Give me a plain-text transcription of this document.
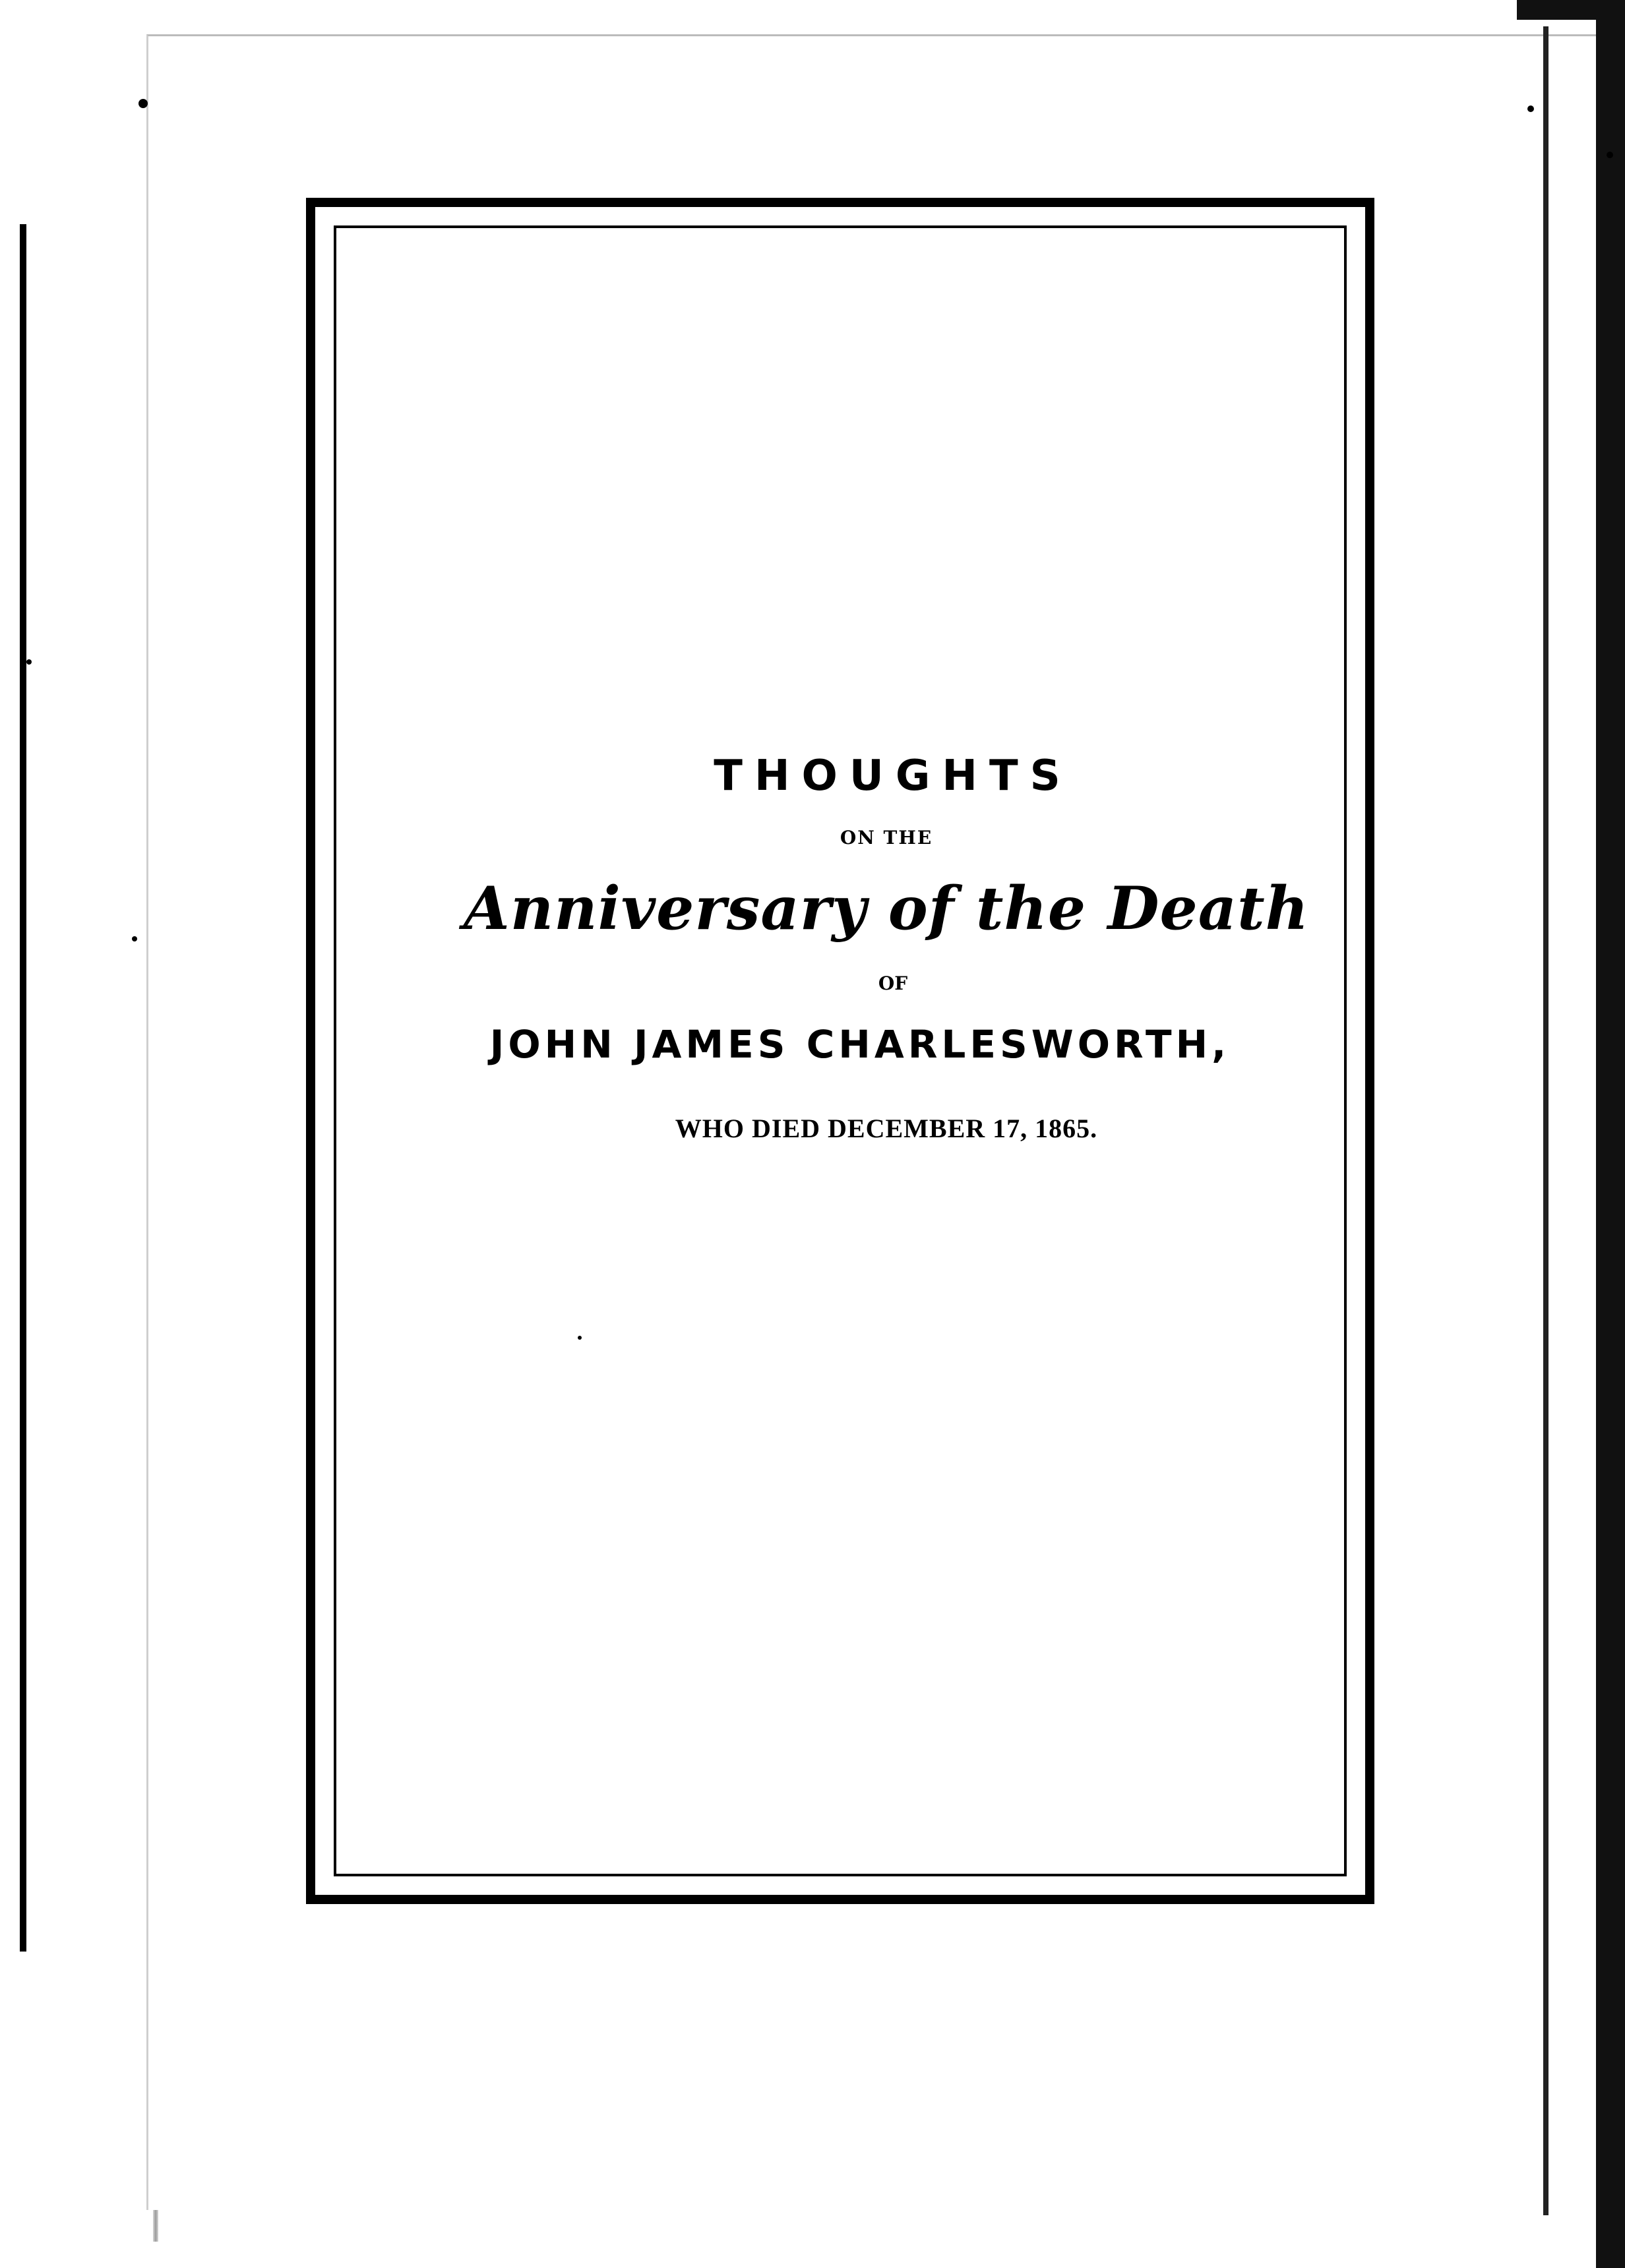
THOUGHTS
ON THE
Anniversary of the Death
OF
JOHN JAMES CHARLESWORTH,
WHO DIED DECEMBER 17, 1865.
